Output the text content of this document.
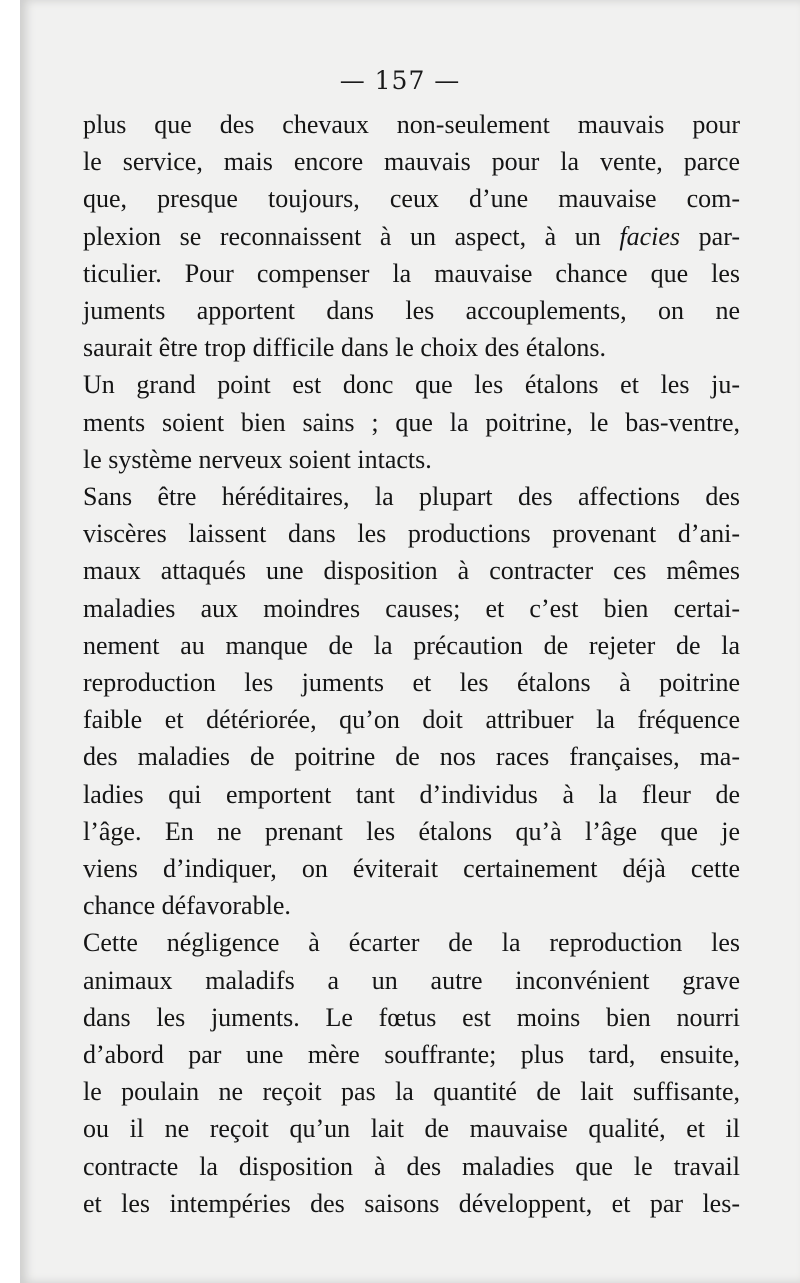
— 157 —

plus que des chevaux non-seulement mauvais pour
le service, mais encore mauvais pour la vente, parce
que, presque toujours, ceux d’une mauvaise com-
plexion se reconnaissent à un aspect, à un facies par-
ticulier. Pour compenser la mauvaise chance que les
juments apportent dans les accouplements, on ne
saurait être trop difficile dans le choix des étalons.

Un grand point est donc que les étalons et les ju-
ments soient bien sains ; que la poitrine, le bas-ventre,
le système nerveux soient intacts.

Sans être héréditaires, la plupart des affections des
viscères laissent dans les productions provenant d’ani-
maux attaqués une disposition à contracter ces mêmes
maladies aux moindres causes; et c’est bien certai-
nement au manque de la précaution de rejeter de la
reproduction les juments et les étalons à poitrine
faible et détériorée, qu’on doit attribuer la fréquence
des maladies de poitrine de nos races françaises, ma-
ladies qui emportent tant d’individus à la fleur de
l’âge. En ne prenant les étalons qu’à l’âge que je
viens d’indiquer, on éviterait certainement déjà cette
chance défavorable.

Cette négligence à écarter de la reproduction les
animaux maladifs a un autre inconvénient grave
dans les juments. Le fœtus est moins bien nourri
d’abord par une mère souffrante; plus tard, ensuite,
le poulain ne reçoit pas la quantité de lait suffisante,
ou il ne reçoit qu’un lait de mauvaise qualité, et il
contracte la disposition à des maladies que le travail
et les intempéries des saisons développent, et par les-
